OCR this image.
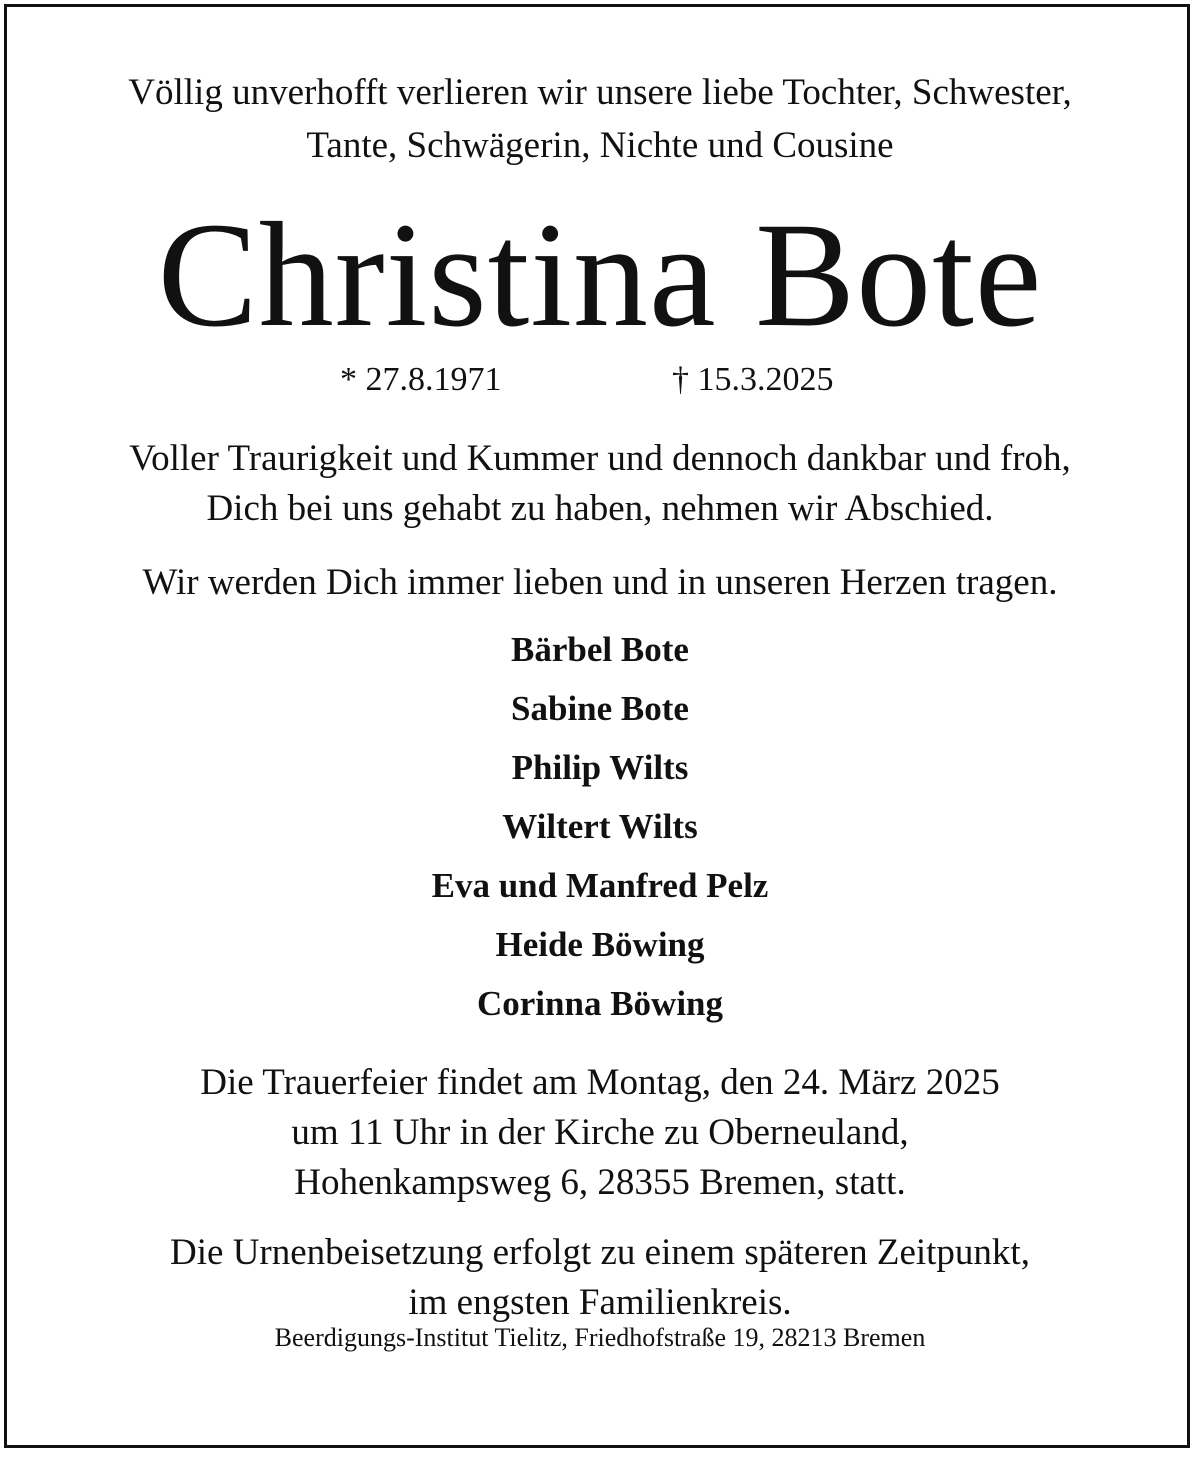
Völlig unverhofft verlieren wir unsere liebe Tochter, Schwester,
Tante, Schwägerin, Nichte und Cousine
Christina Bote
* 27.8.1971	† 15.3.2025
Voller Traurigkeit und Kummer und dennoch dankbar und froh,
Dich bei uns gehabt zu haben, nehmen wir Abschied.
Wir werden Dich immer lieben und in unseren Herzen tragen.
Bärbel Bote
Sabine Bote
Philip Wilts
Wiltert Wilts
Eva und Manfred Pelz
Heide Böwing
Corinna Böwing
Die Trauerfeier findet am Montag, den 24. März 2025
um 11 Uhr in der Kirche zu Oberneuland,
Hohenkampsweg 6, 28355 Bremen, statt.
Die Urnenbeisetzung erfolgt zu einem späteren Zeitpunkt,
im engsten Familienkreis.
Beerdigungs-Institut Tielitz, Friedhofstraße 19, 28213 Bremen
